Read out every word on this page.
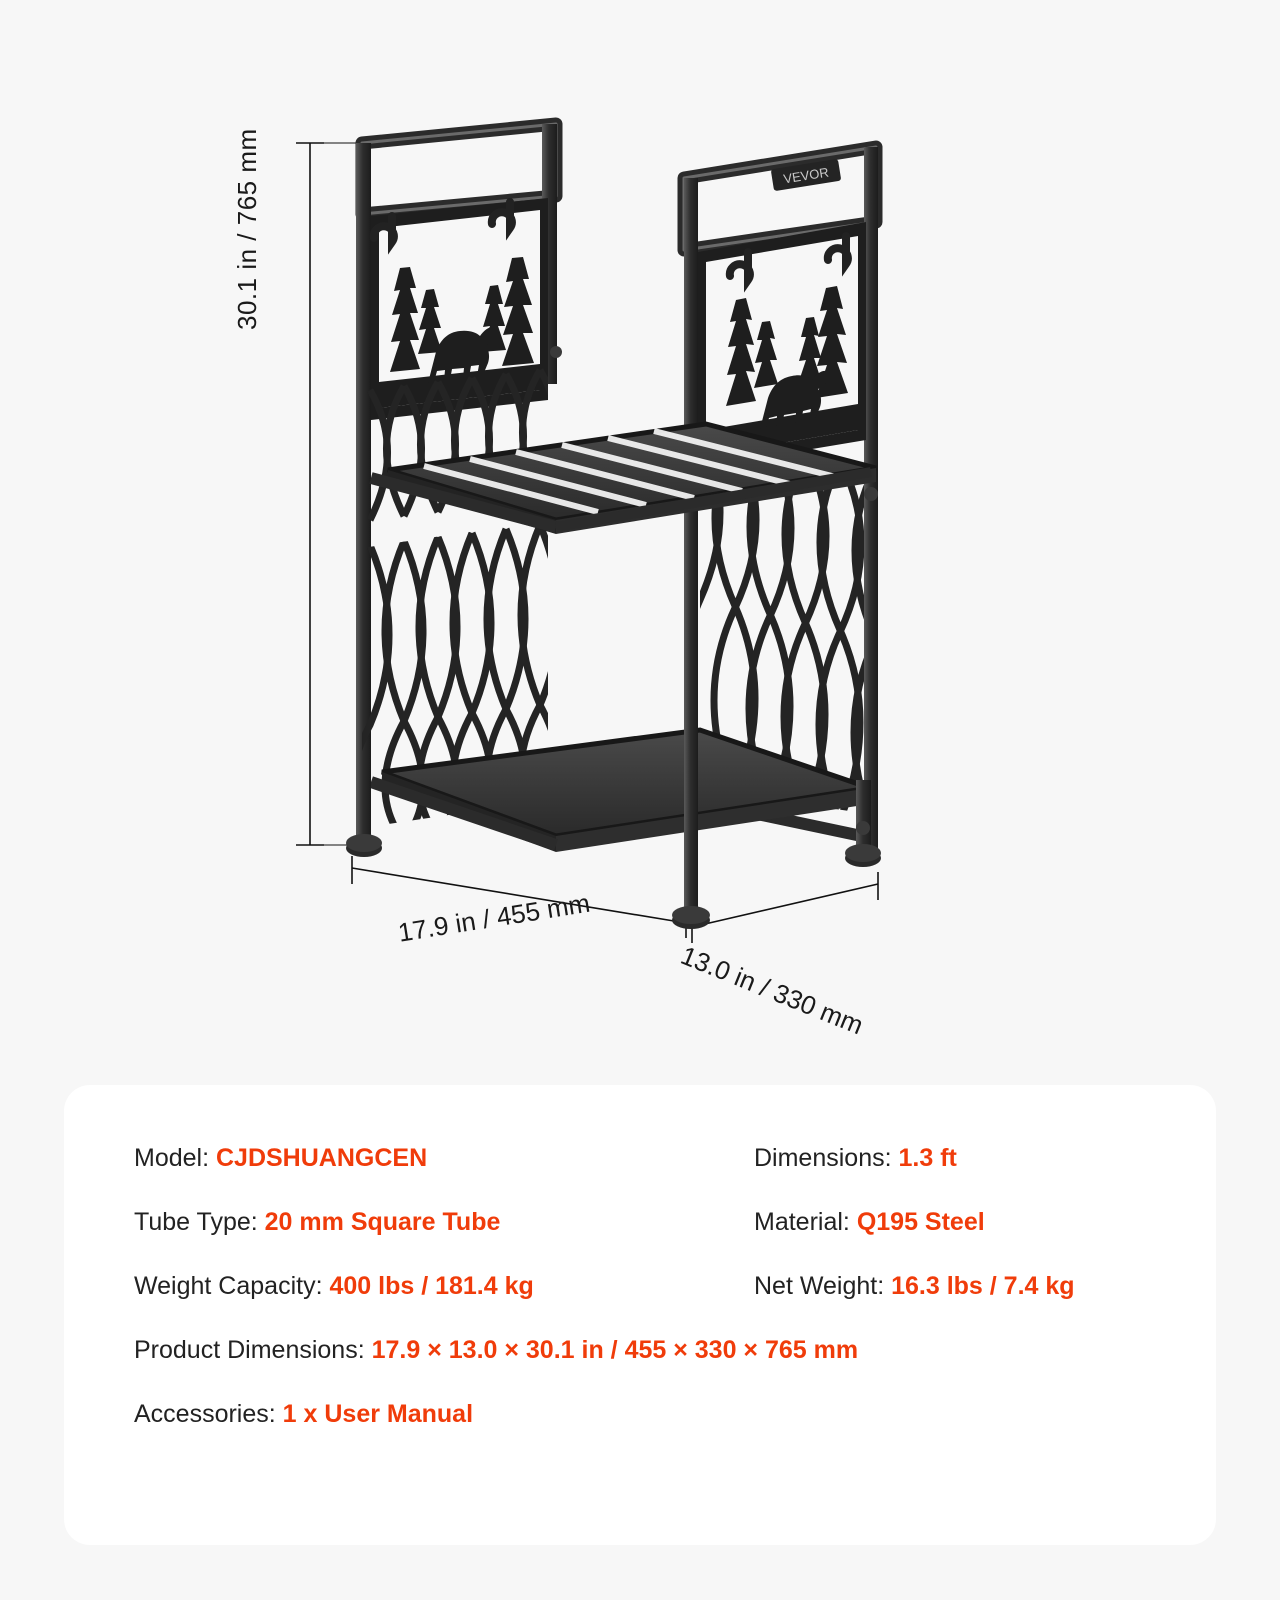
VEVOR
30.1 in / 765 mm
17.9 in / 455 mm
13.0 in / 330 mm
Model: CJDSHUANGCEN	Dimensions: 1.3 ft
Tube Type: 20 mm Square Tube	Material: Q195 Steel
Weight Capacity: 400 lbs / 181.4 kg	Net Weight: 16.3 lbs / 7.4 kg
Product Dimensions: 17.9 × 13.0 × 30.1 in / 455 × 330 × 765 mm
Accessories: 1 x User Manual
